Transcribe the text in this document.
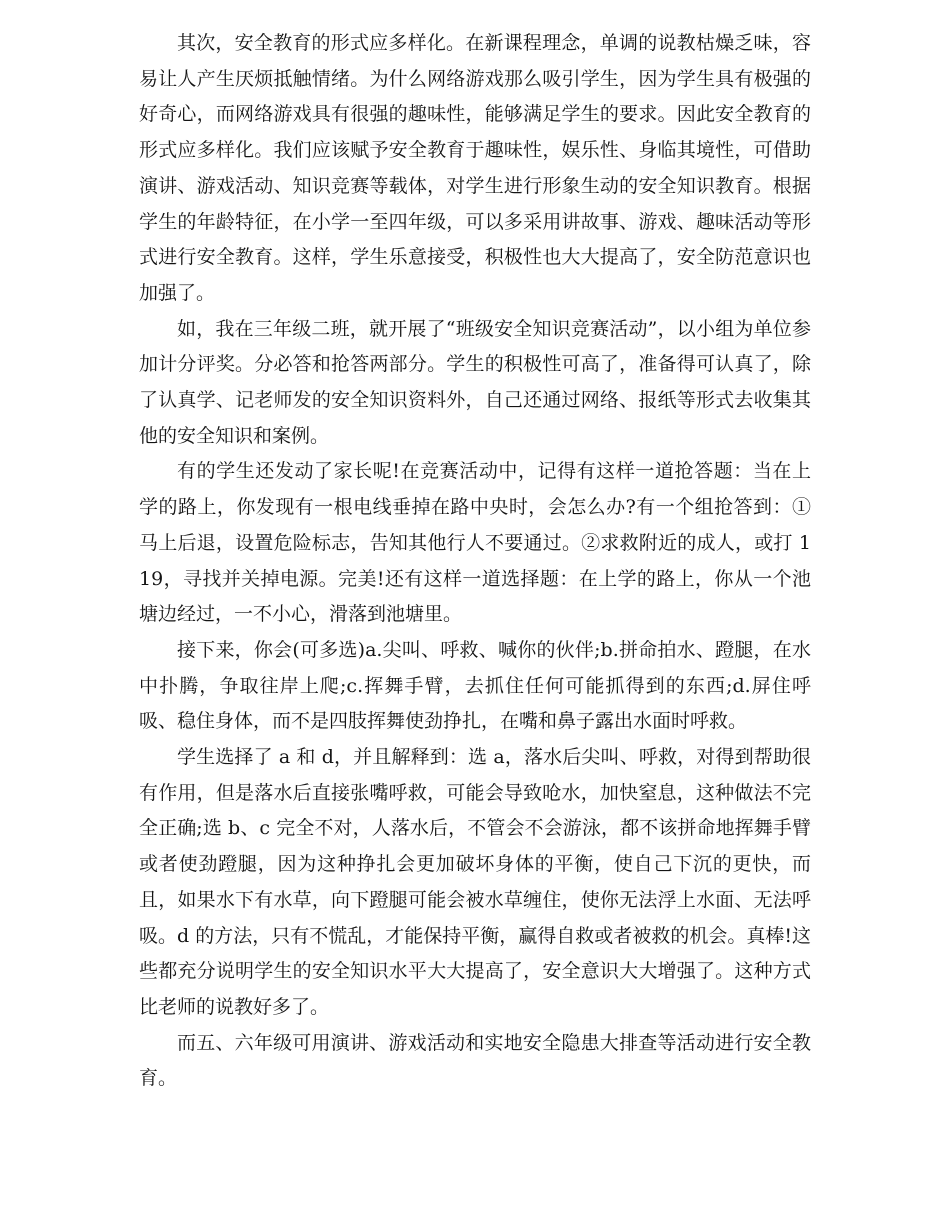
其次，安全教育的形式应多样化。在新课程理念，单调的说教枯燥乏味，容易让人产生厌烦抵触情绪。为什么网络游戏那么吸引学生，因为学生具有极强的好奇心，而网络游戏具有很强的趣味性，能够满足学生的要求。因此安全教育的形式应多样化。我们应该赋予安全教育于趣味性，娱乐性、身临其境性，可借助演讲、游戏活动、知识竞赛等载体，对学生进行形象生动的安全知识教育。根据学生的年龄特征，在小学一至四年级，可以多采用讲故事、游戏、趣味活动等形式进行安全教育。这样，学生乐意接受，积极性也大大提高了，安全防范意识也加强了。

如，我在三年级二班，就开展了“班级安全知识竞赛活动”，以小组为单位参加计分评奖。分必答和抢答两部分。学生的积极性可高了，准备得可认真了，除了认真学、记老师发的安全知识资料外，自己还通过网络、报纸等形式去收集其他的安全知识和案例。

有的学生还发动了家长呢!在竞赛活动中，记得有这样一道抢答题：当在上学的路上，你发现有一根电线垂掉在路中央时，会怎么办?有一个组抢答到：①马上后退，设置危险标志，告知其他行人不要通过。②求救附近的成人，或打 119，寻找并关掉电源。完美!还有这样一道选择题：在上学的路上，你从一个池塘边经过，一不小心，滑落到池塘里。

接下来，你会(可多选)a.尖叫、呼救、喊你的伙伴;b.拼命拍水、蹬腿，在水中扑腾，争取往岸上爬;c.挥舞手臂，去抓住任何可能抓得到的东西;d.屏住呼吸、稳住身体，而不是四肢挥舞使劲挣扎，在嘴和鼻子露出水面时呼救。

学生选择了 a 和 d，并且解释到：选 a，落水后尖叫、呼救，对得到帮助很有作用，但是落水后直接张嘴呼救，可能会导致呛水，加快窒息，这种做法不完全正确;选 b、c 完全不对，人落水后，不管会不会游泳，都不该拼命地挥舞手臂或者使劲蹬腿，因为这种挣扎会更加破坏身体的平衡，使自己下沉的更快，而且，如果水下有水草，向下蹬腿可能会被水草缠住，使你无法浮上水面、无法呼吸。d 的方法，只有不慌乱，才能保持平衡，赢得自救或者被救的机会。真棒!这些都充分说明学生的安全知识水平大大提高了，安全意识大大增强了。这种方式比老师的说教好多了。

而五、六年级可用演讲、游戏活动和实地安全隐患大排查等活动进行安全教育。
